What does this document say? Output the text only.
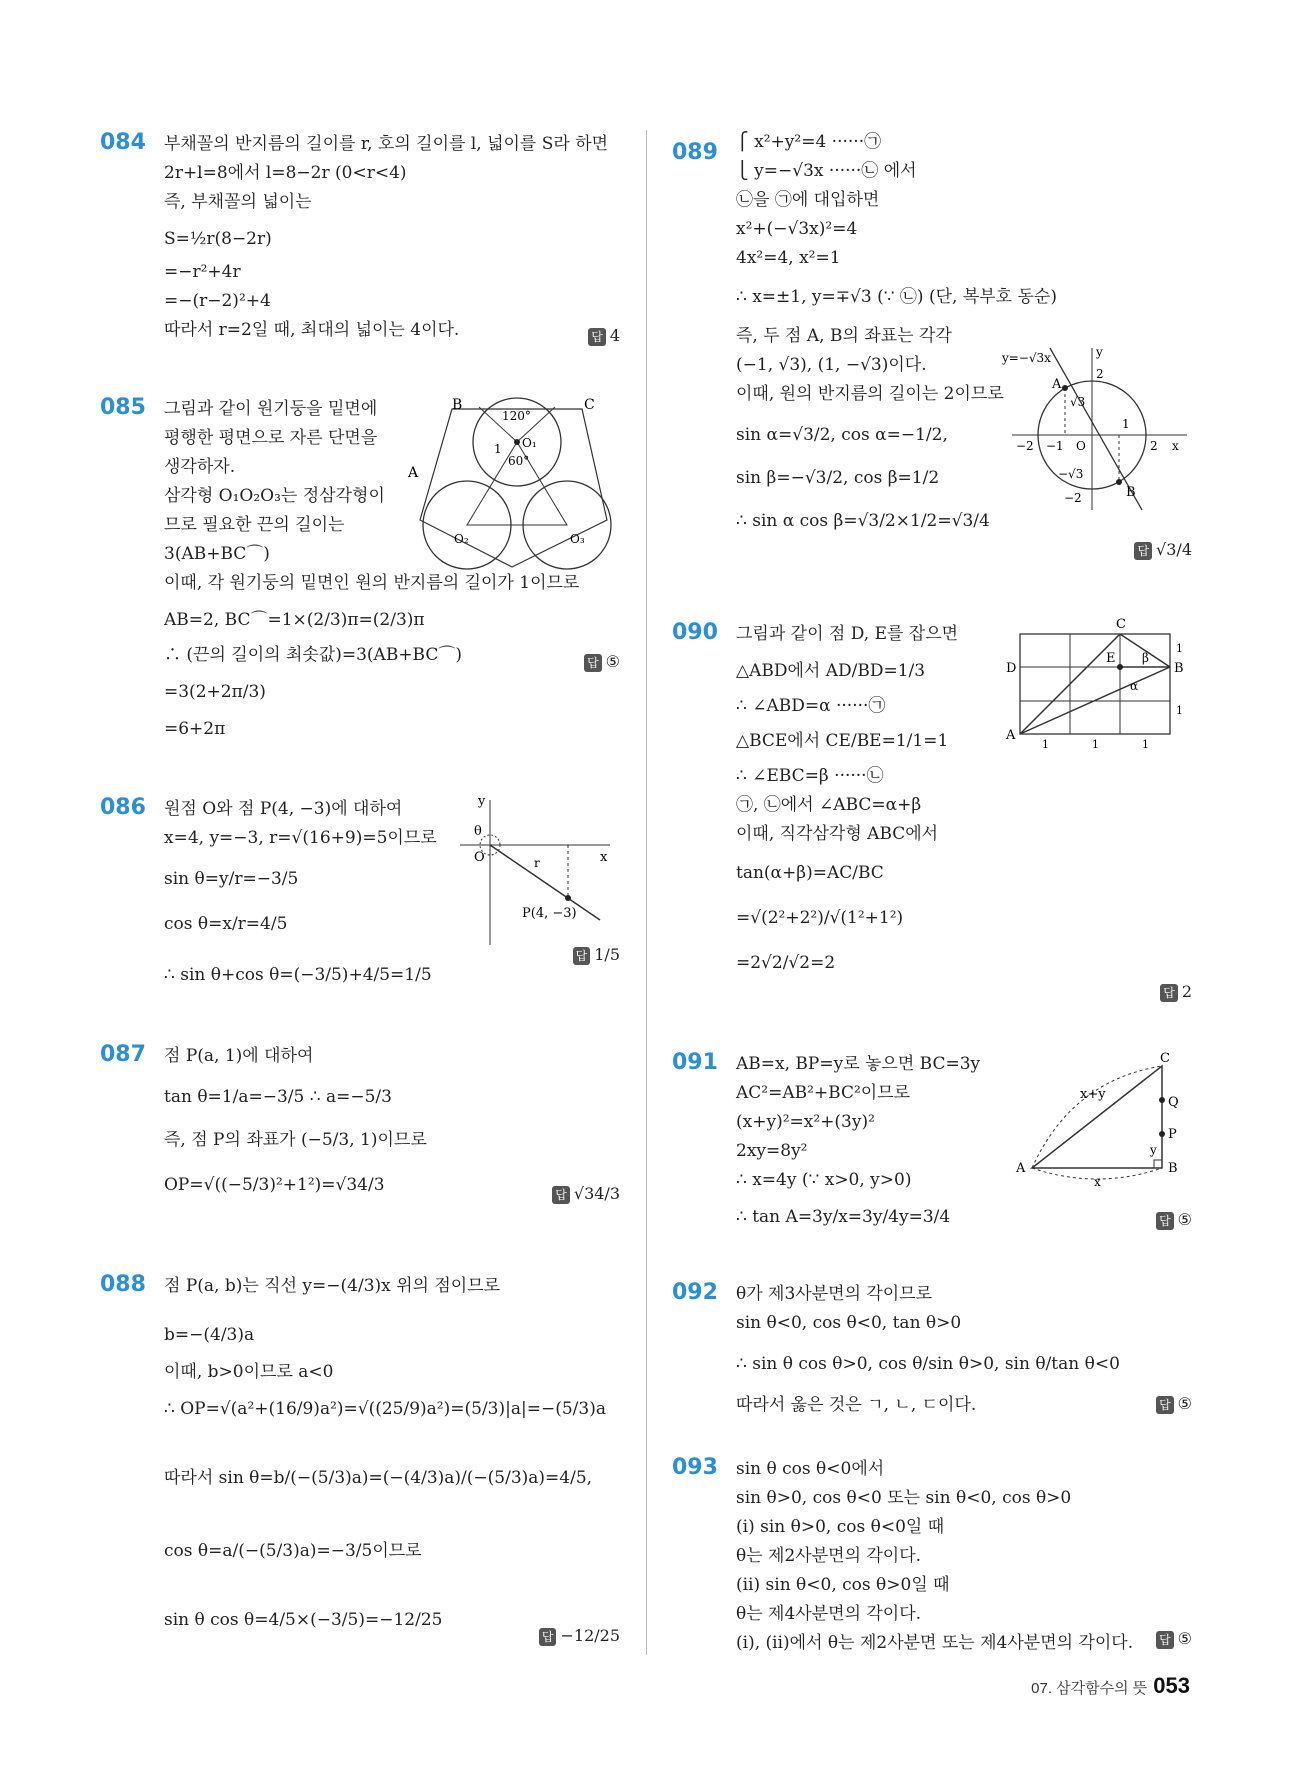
084 부채꼴의 반지름의 길이를 r, 호의 길이를 l, 넓이를 S라 하면
2r+l=8에서 l=8−2r (0<r<4)
즉, 부채꼴의 넓이는
S=½r(8−2r)
=−r²+4r
=−(r−2)²+4
따라서 r=2일 때, 최대의 넓이는 4이다.	답 4
085 그림과 같이 원기둥을 밑면에
평행한 평면으로 자른 단면을
생각하자.
삼각형 O₁O₂O₃는 정삼각형이
므로 필요한 끈의 길이는
3(AB+BC⌒)
이때, 각 원기둥의 밑면인 원의 반지름의 길이가 1이므로
AB=2, BC⌒=1×(2/3)π=(2/3)π
∴ (끈의 길이의 최솟값)=3(AB+BC⌒)
=3(2+2π/3)
=6+2π
B	C
A
O₁
O₂	O₃
120°
60°
1
답 ⑤
086 원점 O와 점 P(4, −3)에 대하여
x=4, y=−3, r=√(16+9)=5이므로
sin θ=y/r=−3/5
cos θ=x/r=4/5
∴ sin θ+cos θ=(−3/5)+4/5=1/5
y
θ
O	r	x
P(4, −3)
답 1/5
087 점 P(a, 1)에 대하여
tan θ=1/a=−3/5 ∴ a=−5/3
즉, 점 P의 좌표가 (−5/3, 1)이므로
OP=√((−5/3)²+1²)=√34/3	답 √34/3
088 점 P(a, b)는 직선 y=−(4/3)x 위의 점이므로
b=−(4/3)a
이때, b>0이므로 a<0
∴ OP=√(a²+(16/9)a²)=√((25/9)a²)=(5/3)|a|=−(5/3)a
따라서 sin θ=b/(−(5/3)a)=(−(4/3)a)/(−(5/3)a)=4/5,
cos θ=a/(−(5/3)a)=−3/5이므로
sin θ cos θ=4/5×(−3/5)=−12/25
답 −12/25
089 ⎧ x²+y²=4 ······㉠
⎩ y=−√3x ······㉡ 에서
㉡을 ㉠에 대입하면
x²+(−√3x)²=4
4x²=4, x²=1
∴ x=±1, y=∓√3 (∵ ㉡) (단, 복부호 동순)
즉, 두 점 A, B의 좌표는 각각
(−1, √3), (1, −√3)이다.
이때, 원의 반지름의 길이는 2이므로
sin α=√3/2, cos α=−1/2,
sin β=−√3/2, cos β=1/2
∴ sin α cos β=√3/2×1/2=√3/4
y=−√3x	y
A
2
√3
1
−2 −1 O	2 x
−√3
B
−2
답 √3/4
090 그림과 같이 점 D, E를 잡으면
△ABD에서 AD/BD=1/3
∴ ∠ABD=α ······㉠
△BCE에서 CE/BE=1/1=1
∴ ∠EBC=β ······㉡
㉠, ㉡에서 ∠ABC=α+β
이때, 직각삼각형 ABC에서
tan(α+β)=AC/BC
=√(2²+2²)/√(1²+1²)
=2√2/√2=2
C
D
E β
B
α
A
1	1	1
1
1
답 2
091 AB=x, BP=y로 놓으면 BC=3y
AC²=AB²+BC²이므로
(x+y)²=x²+(3y)²
2xy=8y²
∴ x=4y (∵ x>0, y>0)
∴ tan A=3y/x=3y/4y=3/4
C
x+y
Q
P
y
A	B
x
답 ⑤
092 θ가 제3사분면의 각이므로
sin θ<0, cos θ<0, tan θ>0
∴ sin θ cos θ>0, cos θ/sin θ>0, sin θ/tan θ<0
따라서 옳은 것은 ㄱ, ㄴ, ㄷ이다.	답 ⑤
093 sin θ cos θ<0에서
sin θ>0, cos θ<0 또는 sin θ<0, cos θ>0
(ⅰ) sin θ>0, cos θ<0일 때
θ는 제2사분면의 각이다.
(ⅱ) sin θ<0, cos θ>0일 때
θ는 제4사분면의 각이다.
(ⅰ), (ⅱ)에서 θ는 제2사분면 또는 제4사분면의 각이다.	답 ⑤
07. 삼각함수의 뜻 053
